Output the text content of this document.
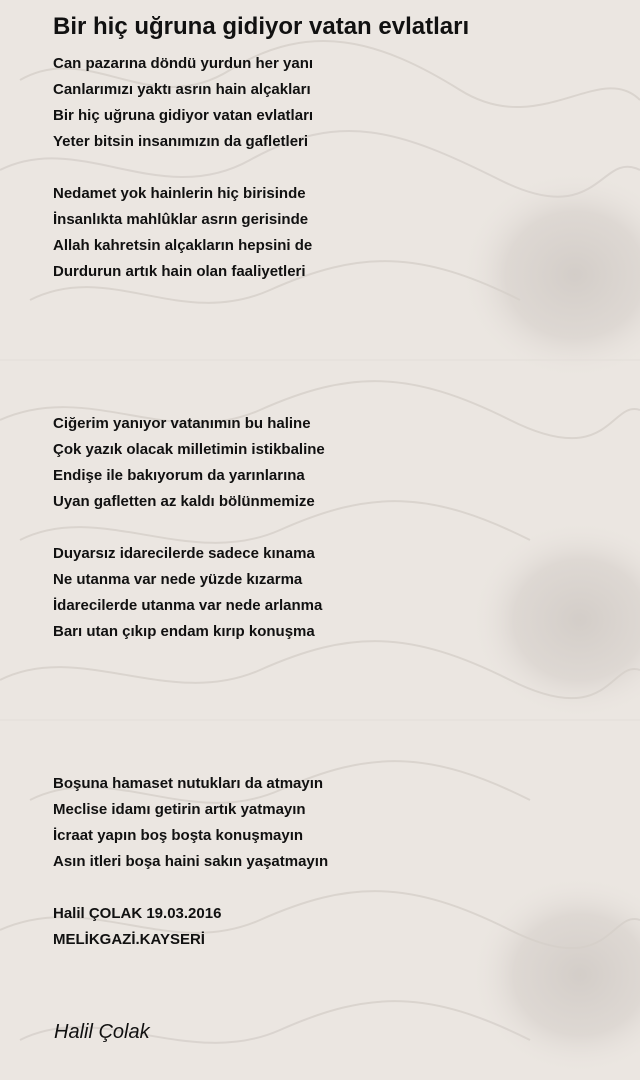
Bir hiç uğruna gidiyor vatan evlatları
Can pazarına döndü yurdun her yanı
Canlarımızı yaktı asrın hain alçakları
Bir hiç uğruna gidiyor vatan evlatları
Yeter bitsin insanımızın da gafletleri
Nedamet yok hainlerin hiç birisinde
İnsanlıkta mahlûklar asrın gerisinde
Allah kahretsin alçakların hepsini de
Durdurun artık hain olan faaliyetleri
Ciğerim yanıyor vatanımın bu haline
Çok yazık olacak milletimin istikbaline
Endişe ile bakıyorum da yarınlarına
Uyan gafletten az kaldı bölünmemize
Duyarsız idarecilerde sadece kınama
Ne utanma var nede yüzde kızarma
İdarecilerde utanma var nede arlanma
Barı utan çıkıp endam kırıp konuşma
Boşuna hamaset nutukları da atmayın
Meclise idamı getirin artık yatmayın
İcraat yapın boş boşta konuşmayın
Asın itleri boşa haini sakın yaşatmayın
Halil ÇOLAK 19.03.2016
MELİKGAZİ.KAYSERİ
Halil Çolak
